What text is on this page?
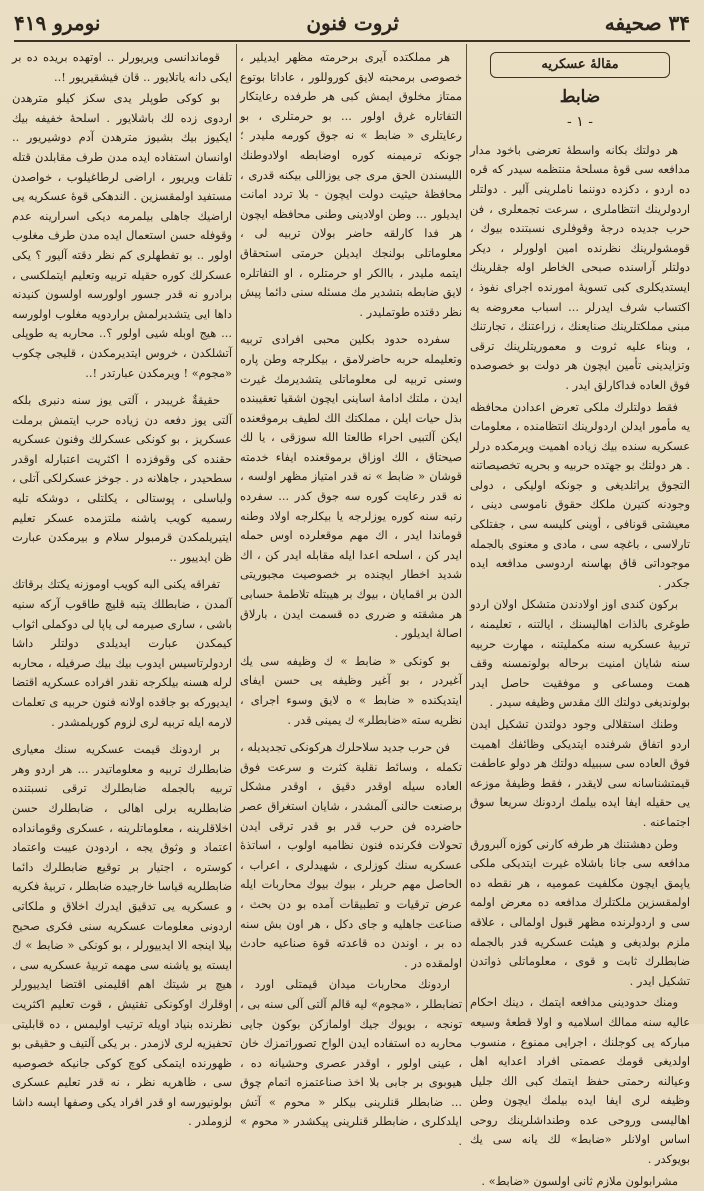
۳۴ صحیفه
ثروت فنون
نومرو ۴۱۹
مقالهٔ عسكريه
ضابط
- ۱ -

هر دولتك بكانه واسطهٔ تعرضى باخود مدار مدافعه سى قوهٔ مسلحهٔ منتظمه سيدر كه قره ده اردو ، دكزده دوننما ناملرينى آلير . دولتلر اردولرينك انتظاملرى ، سرعت تجمعلرى ، فن حرب جديده درجهٔ وقوفلرى نسبتنده بيوك ، قومشولرينك نظرنده امين اولورلر ، ديكر دولتلر آراسنده صبحى الخاطر اوله جقلرينك ايستديكلرى كبى تسويهٔ امورنده اجراى نفوذ ، اكتساب شرف ايدرلر ... اسباب معروضه يه مبنى مملكتلرينك صنايعنك ، زراعتنك ، تجارتنك ، وبناء عليه ثروت و معموريتلرينك ترقى وتزايدينى تأمين ايچون هر دولت بو خصوصده فوق العاده فداكارلق ايدر .

فقط دولتلرك ملكى تعرض اعدادن محافظه يه مأمور ايدلن اردولرينك انتظامنده ، معلومات عسكريه سنده بيك زياده اهميت ويرمكده درلر . هر دولتك بو جهتده حربيه و بحريه تخصيصاتنه التجوق يراتلديغى و جونكه اوليكى ، دولى وجودنه كتيرن ملكك حقوق ناموسى دينى ، معيشتى قونافى ، أوينى كليسه سى ، جفتلكى تارلاسى ، باغچه سى ، مادى و معنوى بالجمله موجوداتى قاق بهاسنه اردوسى مدافعه ايده جكدر .

بركون كندى اوز اولادندن متشكل اولان اردو طوغرى بالذات اهاليسنك ، ايالتنه ، تعليمنه ، تربيهٔ عسكريه سنه مكمليتنه ، مهارت حربيه سنه شايان امنيت برحاله بولونمسنه وقف همت ومساعى و موفقيت حاصل ايدر بولونديغى دولتك الك مقدس وظيفه سيدر .

وطنك استقلالى وجود دولتدن تشكيل ايدن اردو اتفاق شرفنده ايتديكى وظائفك اهميت فوق العاده سى سببيله دولتك هر دولو عاطفت قيمتشناسانه سى لايقدر ، فقط وظيفهٔ موزعه يى حقيله ايفا ايده بيلمك اردونك سريعا سوق اجتماعنه .

وطن دهشتنك هر طرفه كارنى كوزه آلبرورق مدافعه سى جانا باشلاه غيرت ايتديكى ملكى ياپمق ايچون مكلفيت عموميه ، هر نقطه ده اولمقسزين ملكتلرك مدافعه ده معرض اولمه سى و اردولرنده مظهر قبول اولمالى ، علاقه ملزم بولديغى و هيئت عسكريه قدر بالجمله ضابطلرك ثابت و قوى ، معلوماتلى ذواتدن تشكيل ايدر .

ومنك حدودينى مدافعه ايتمك ، دينك احكام عاليه سنه ممالك اسلاميه و اولا قطعهٔ وسيعه مباركه يى كوجلنك ، اجرايى ممنوع ، منسوب اولديغى قومك عصمتى افراد اعدايه اهل وعيالنه رحمتى حفظ ايتمك كبى الك جليل وظيفه لرى ايفا ايده بيلمك ايچون وطن اهاليسى وروحى عده وطنداشلرينك روحى اساس اولانلر «ضابط» لك يانه سى يك بويوكدر .

مشرابولون ملازم ثانى اولسون «ضابط» .

هر مملكتده آيرى برحرمته مظهر ايديلير ، خصوصى برمحبته لايق كوروللور ، عاداتا بوتوع ممتاز مخلوق ايمش كبى هر طرفده رعايتكار التفاتاره غرق اولور ... بو حرمتلرى ، بو رعايتلرى « ضابط » نه جوق كورمه مليدر ؛ جونكه ترميمنه كوره اوضابطه اولادوطنك الليسندن الحق مرى جى يوزاللى بيكنه قدرى ، محافظهٔ حيثيت دولت ايچون - بلا تردد امانت ايديلور ... وطن اولادينى وطنى محافظه ايچون هر فدا كارلقه حاضر بولان تربيه لى ، معلوماتلى بولنجك ايديلن حرمتى استحقاق ايتمه مليدر ، باالكر او حرمتلره ، او التفاتلره لايق ضابطه بتشدير مك مسئله سنى دائما پيش نظر دقتده طوتمليدر .

سفرده حدود بكلين محبى افرادى تربيه وتعليمله حربه حاضرلامق ، بيكلرجه وطن پاره وسنى تربيه لى معلوماتلى يتشديرمك غيرت ايدن ، ملتك ادامهٔ اساينى ايچون اشقيا تعقيبنده بذل حيات ايلن ، مملكتك الك لطيف برموقعنده ايكن آلتبيى احراء طالعتا الله سوزقى ، يا لك صيحتاق ، الك اوزاق برموقعنده ايفاء خدمته قوشان « ضابط » نه قدر امتياز مظهر اولسه ، نه قدر رعايت كوره سه جوق كدر ... سفرده رتبه سنه كوره يوزلرجه يا بيكلرجه اولاد وطنه قوماندا ايدر ، اك مهم موقعلرده اوس حمله ايدر كن ، اسلحه اعدا ايله مقابله ايدر كن ، اك شديد اخطار ايچنده بر خصوصيت مجبوريتى الدن بر اقمايان ، بيوك بر هيبتله تلاطمهٔ حسابى هر مشقته و ضررى ده قسمت ايدن ، بارلاق اصالهٔ ايديلور .

بو كونكى « ضابط » ك وظيفه سى يك آغيردر ، بو آغير وظيفه يى حسن ايفاى ايتديكنده « ضابط » ه لايق وسوء اجراى ، نظريه سته «ضابطلر» ك يمينى قدر .

فن حرب جديد سلاحلرك هركونكى تجديديله ، تكمله ، وسائط نقلية كثرت و سرعت فوق العاده سيله اوقدر دقيق ، اوقدر مشكل برصنعت حالنى آلمشدر ، شايان استغراق عصر حاضرده فن حرب قدر بو قدر ترقى ايدن تحولات فكرنده فنون نظاميه اولوب ، اساتذهٔ عسكريه سنك كوزلرى ، شهيدلرى ، اعراب ، الحاصل مهم حربلر ، بيوك بيوك محاربات ايله عرض ترقيات و تطبيقات آمده بو دن بحث ، صناعت جاهليه و جاى دكل ، هر اون بش سنه ده بر ، اوندن ده قاعدته قوة صناعيه حادث اولمقده در .

اردونك محاربات ميدان قيمتلى اورد ، تضابطلر ، «مجوم» ليه قالم آلتى آلى سنه بى ، تونجه ، بويوك جيك اولمازكن بوكون جايى محاربه ده استفاده ايدن الواح تصوراتمزك خان ، عينى اولور ، اوقدر عصرى وحشيانه ده ، هيوبوى بر جابى بلا اخذ صناعتمزه اتمام چوق ... ضابطلر قنلرينى بيكلر « محوم » آتش ايلدكلرى ، ضابطلر قنلرينى پيكشدر « محوم » .

قوماندانسى ويريورلر .. اوتهده بريده ده بر ايكى دانه ياتلايور .. قان فيشقيريور !..

بو كوكى طوپلر يدى سكز كيلو مترهدن اردوى زده لك باشلايور . اسلحهٔ خفيفه بيك ايكيوز بيك بشيوز مترهدن آدم دوشيريور .. اوانسان استفاده ايده مدن طرف مقابلدن قتله تلفات ويريور ، اراضى لرطاغيلوب ، خواصدن مستفيد اولمقسزين . الندهكى قوهٔ عسكريه يى اراضيك جاهلى بيلمرمه ديكى اسرارينه عدم وقوفله حسن استعمال ايده مدن طرف مغلوب اولور .. بو تفطهلرى كم نظر دقته آليور ؟ يكى عسكرلك كوره حقيله تربيه وتعليم ايتملكسى ، برادرو نه قدر جسور اولورسه اولسون كنيدنه داها ايى يتشديرلمش براردويه مغلوب اولورسه ... هيج اوبله شيى اولور ؟.. محاربه يه طوپلى آتشلكدن ، خروس ايتديرمكدن ، قليجى چكوب «مجوم» ! ويرمكدن عبارتدر !..

حقيقةٌ غريبدر ، آلتى يوز سنه دنبرى بلكه آلتى يوز دفعه دن زياده حرب ايتمش برملت عسكريز ، بو كونكى عسكرلك وفنون عسكريه حقنده كى وقوفزده ا اكثريت اعتبارله اوقدر سطحيدر ، جاهلانه در . جوخز عسكرلكى آتلى ، ولباسلى ، پوستالى ، يكلتلى ، دوشكه تليه رسميه كويب ياشنه ملتزمده عسكر تعليم ايتيريلمكدن قرمبولر سلام و بيرمكدن عبارت ظن ايدييور ..

تفراقه يكنى البه كويب اوموزنه يكتك برقاتك آلمدن ، ضابطلك يتبه قليچ طاقوب آركه سنيه باشى ، سارى صيرمه لى ياپا لى دوكملى اثواب كيمكدن عبارت ايديلدى دولتلر داشا اردولرتاسيس ايدوب بيك بيك صرفيله ، محاربه لرله هسنه بيلكرجه نقدر افراده عسكريه اقتضا ايديوركه بو جاقده اولانه فنون حربيه ى تعلمات لارمه ايله تربيه لرى لزوم كوريلمشدر .

بر اردونك قيمت عسكريه سنك معيارى ضابطلرك تربيه و معلوماتيدر ... هر اردو وهر تربيه بالجمله ضابطلرك ترقى نسبتنده ضابطلريه برلى اهالى ، ضابطلرك حسن اخلاقلرينه ، معلوماتلرينه ، عسكرى وقومانداده اعتماد و وثوق يجه ، اردودن عيبت واعتماد كوستره ، اجتيار بر توقيع ضابطلرك دائما ضابطلريه قياسا خارجيده ضابطلر ، تربيهٔ فكريه و عسكريه يى تدقيق ايدرك اخلاق و ملكاتى اردونى معلومات عسكريه سنى فكرى صحيح بيلا اينجه الا ايدييورلر ، بو كونكى « ضابط » ك ايسته يو ياشنه سى مهمه تربيهٔ عسكريه سى ، هيچ بر شيتك اهم اقليمنى اقتضا ايدييورلر اوقلرك اوكونكى تفتيش ، قوت تعليم اكثريت نظرنده بنياد اويله ترتيب اوليمس ، ده قابليتى تحفيزيه لرى لازمدر . بر يكى آلتيف و حقيقى بو ظهورنده ايتمكى كوچ كوكى جانيكه خصوصيه سى ، ظاهريه نظر ، نه قدر تعليم عسكرى بولونيورسه او قدر افراد يكى وصفها ايسه داشا لزوملدر .
